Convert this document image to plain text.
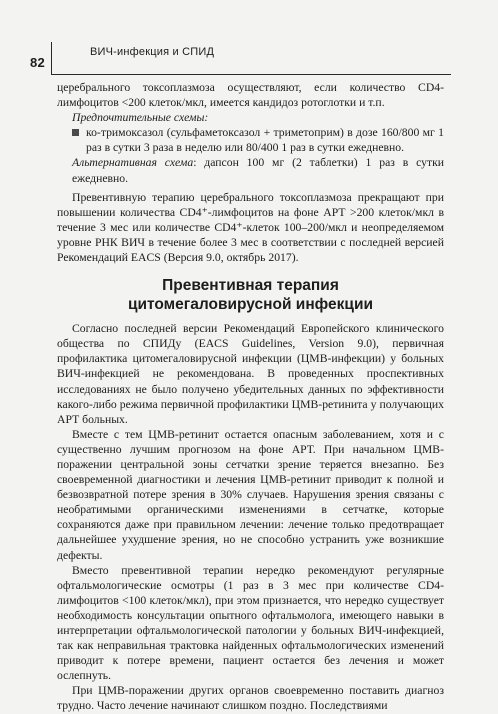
82
ВИЧ-инфекция и СПИД

церебрального токсоплазмоза осуществляют, если количество CD4-лимфоцитов <200 клеток/мкл, имеется кандидоз ротоглотки и т.п.

Предпочтительные схемы:

ко-тримоксазол (сульфаметоксазол + триметоприм) в дозе 160/800 мг 1 раз в сутки 3 раза в неделю или 80/400 1 раз в сутки ежедневно.

Альтернативная схема: дапсон 100 мг (2 таблетки) 1 раз в сутки ежедневно.

Превентивную терапию церебрального токсоплазмоза прекращают при повышении количества CD4⁺-лимфоцитов на фоне АРТ >200 клеток/мкл в течение 3 мес или количестве CD4⁺-клеток 100–200/мкл и неопределяемом уровне РНК ВИЧ в течение более 3 мес в соответствии с последней версией Рекомендаций EACS (Версия 9.0, октябрь 2017).

Превентивная терапия
цитомегаловирусной инфекции

Согласно последней версии Рекомендаций Европейского клинического общества по СПИДу (EACS Guidelines, Version 9.0), первичная профилактика цитомегаловирусной инфекции (ЦМВ-инфекции) у больных ВИЧ-инфекцией не рекомендована. В проведенных проспективных исследованиях не было получено убедительных данных по эффективности какого-либо режима первичной профилактики ЦМВ-ретинита у получающих АРТ больных.

Вместе с тем ЦМВ-ретинит остается опасным заболеванием, хотя и с существенно лучшим прогнозом на фоне АРТ. При начальном ЦМВ-поражении центральной зоны сетчатки зрение теряется внезапно. Без своевременной диагностики и лечения ЦМВ-ретинит приводит к полной и безвозвратной потере зрения в 30% случаев. Нарушения зрения связаны с необратимыми органическими изменениями в сетчатке, которые сохраняются даже при правильном лечении: лечение только предотвращает дальнейшее ухудшение зрения, но не способно устранить уже возникшие дефекты.

Вместо превентивной терапии нередко рекомендуют регулярные офтальмологические осмотры (1 раз в 3 мес при количестве CD4-лимфоцитов <100 клеток/мкл), при этом признается, что нередко существует необходимость консультации опытного офтальмолога, имеющего навыки в интерпретации офтальмологической патологии у больных ВИЧ-инфекцией, так как неправильная трактовка найденных офтальмологических изменений приводит к потере времени, пациент остается без лечения и может ослепнуть.

При ЦМВ-поражении других органов своевременно поставить диагноз трудно. Часто лечение начинают слишком поздно. Последствиями
